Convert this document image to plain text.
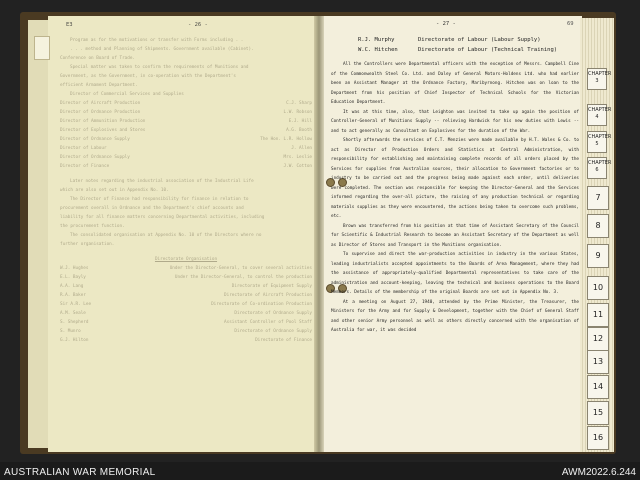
- 26 -
E3
Program as for the motivations or transfer with Forms including . .
. . . method and Planning of Shipments. Government available (Cabinet).
Conference on Board of Trade.
Special matter was taken to confirm the requirements of Munitions and
Government, as the Government, in co-operation with the Department's
efficient Armament Department.
Director of Commercial Services and Supplies
Director of Aircraft Production	C.J. Sharp
Director of Ordnance Production	L.W. Robson
Director of Ammunition Production	E.J. Hill
Director of Explosives and Stores	A.G. Booth
Director of Ordnance Supply	The Hon. L.R. Hollow
Director of Labour	J. Allen
Director of Ordnance Supply	Mrs. Leslie
Director of Finance	J.W. Cotton
Later notes regarding the industrial association of the Industrial Life
which are also set out in Appendix No. 10.
The Director of Finance had responsibility for finance in relation to
procurement overall in Ordnance and the Department's chief accounts and
liability for all finance matters concerning Departmental activities, including
the procurement function.
The consolidated organisation at Appendix No. 10 of the Directors where no
further organisation.
Directorate Organisation
W.J. Hughes	Under the Director-General, to cover several activities
E.L. Bayly	Under the Director-General, to control the production
A.A. Lang	Directorate of Equipment Supply
R.A. Baker	Directorate of Aircraft Production
Sir A.R. Lee	Directorate of Co-ordination Production
A.M. Seale	Directorate of Ordnance Supply
S. Shepherd	Assistant Controller of Pool Staff
S. Munro	Directorate of Ordnance Supply
G.J. Hilton	Directorate of Finance
- 27 -	69
R.J. Murphy	Directorate of Labour (Labour Supply)
W.C. Hitchen	Directorate of Labour (Technical Training)

All the Controllers were Departmental officers with the exception of Messrs. Campbell Cine of the Commonwealth Steel Co. Ltd. and Daley of General Motors-Holdens Ltd. who had earlier been an Assistant Manager at the Ordnance Factory, Maribyrnong. Hitchen was on loan to the Department from his position of Chief Inspector of Technical Schools for the Victorian Education Department.

It was at this time, also, that Leighton was invited to take up again the position of Controller-General of Munitions Supply -- relieving Hardwick for his new duties with Lewis -- and to act generally as Consultant on Explosives for the duration of the War.

Shortly afterwards the services of C.T. Menzies were made available by H.T. Wales & Co. to act as Director of Production Orders and Statistics at Central Administration, with responsibility for establishing and maintaining complete records of all orders placed by the Services for supplies from Australian sources, their allocation to Government factories or to industry to be carried out and the progress being made against each order, until deliveries were completed. The section was responsible for keeping the Director-General and the Services informed regarding the over-all picture, the raising of any production technical or regarding materials supplies as they were encountered, the actions being taken to overcome such problems, etc.

Brown was transferred from his position at that time of Assistant Secretary of the Council for Scientific & Industrial Research to become an Assistant Secretary of the Department as well as Director of Stores and Transport in the Munitions organisation.

To supervise and direct the war-production activities in industry in the various States, leading industrialists accepted appointments to the Boards of Area Management, where they had the assistance of appropriately-qualified Departmental representatives to take care of the administration and account-keeping, leaving the technical and business operations to the Board Members. Details of the membership of the original Boards are set out in Appendix No. 3.

At a meeting on August 27, 1940, attended by the Prime Minister, the Treasurer, the Ministers for the Army and for Supply & Development, together with the Chief of General Staff and other senior Army personnel as well as others directly concerned with the organisation of Australia for war, it was decided

CHAPTER 3
CHAPTER 4
CHAPTER 5
CHAPTER 6
7
8
9
10
11
12
13
14
15
16
AUSTRALIAN WAR MEMORIAL	AWM2022.6.244
